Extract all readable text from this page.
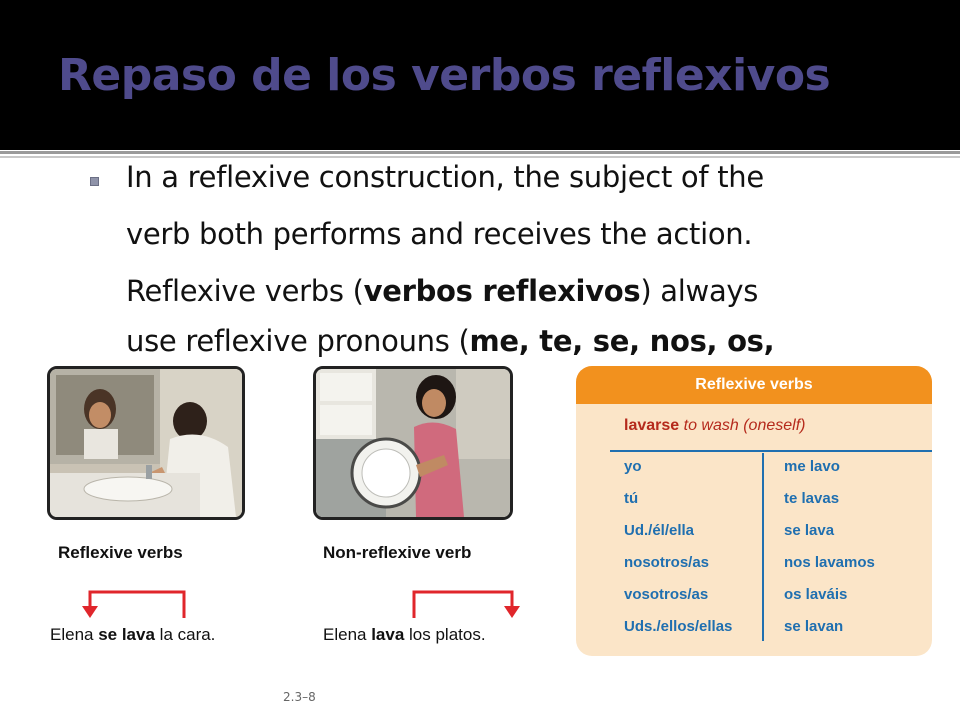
Repaso de los verbos reflexivos
In a reflexive construction, the subject of the
verb both performs and receives the action.
Reflexive verbs (verbos reflexivos) always
use reflexive pronouns (me, te, se, nos, os,
Reflexive verbs	Non-reflexive verb
Elena se lava la cara.	Elena lava los platos.
Reflexive verbs
lavarse to wash (oneself)
yo	me lavo
tú	te lavas
Ud./él/ella	se lava
nosotros/as	nos lavamos
vosotros/as	os laváis
Uds./ellos/ellas	se lavan
2.3–8
